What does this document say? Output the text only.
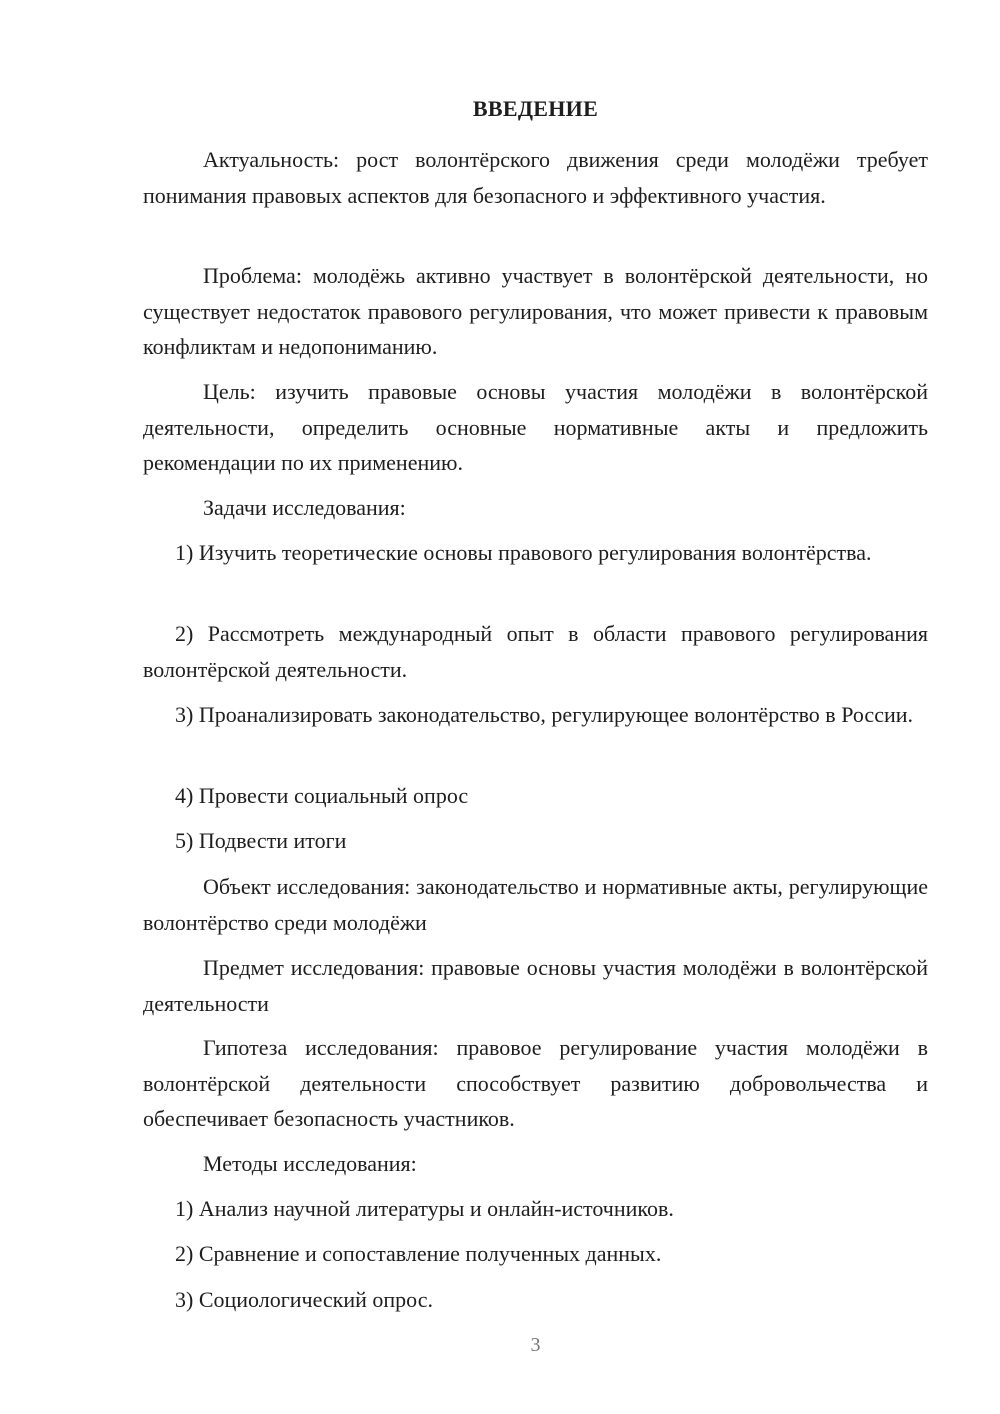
ВВЕДЕНИЕ

Актуальность: рост волонтёрского движения среди молодёжи требует понимания правовых аспектов для безопасного и эффективного участия.

Проблема: молодёжь активно участвует в волонтёрской деятельности, но существует недостаток правового регулирования, что может привести к правовым конфликтам и недопониманию.

Цель: изучить правовые основы участия молодёжи в волонтёрской деятельности, определить основные нормативные акты и предложить рекомендации по их применению.

Задачи исследования:

1) Изучить теоретические основы правового регулирования волонтёрства.

2) Рассмотреть международный опыт в области правового регулирования волонтёрской деятельности.

3) Проанализировать законодательство, регулирующее волонтёрство в России.

4) Провести социальный опрос

5) Подвести итоги

Объект исследования: законодательство и нормативные акты, регулирующие волонтёрство среди молодёжи

Предмет исследования: правовые основы участия молодёжи в волонтёрской деятельности

Гипотеза исследования: правовое регулирование участия молодёжи в волонтёрской деятельности способствует развитию добровольчества и обеспечивает безопасность участников.

Методы исследования:

1) Анализ научной литературы и онлайн-источников.

2) Сравнение и сопоставление полученных данных.

3) Социологический опрос.

3
